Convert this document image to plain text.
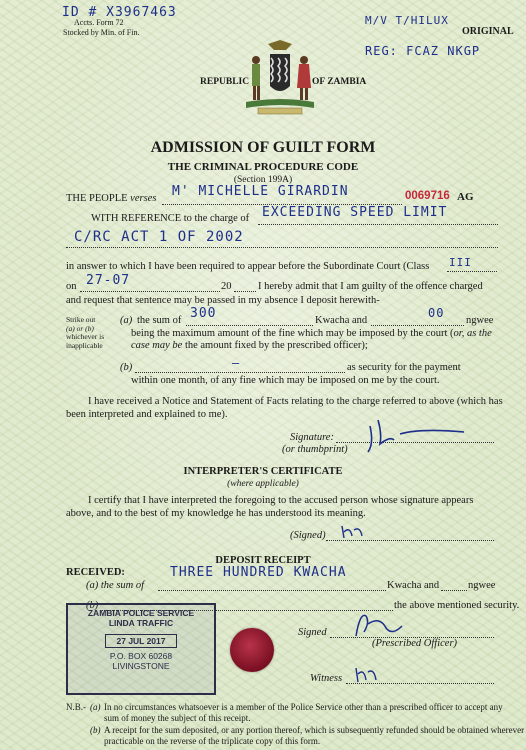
ID # X3967463
Accts. Form 72
Stocked by Min. of Fin.
M/V T/HILUX
ORIGINAL
REG: FCAZ NKGP
REPUBLIC	OF ZAMBIA
ADMISSION OF GUILT FORM
THE CRIMINAL PROCEDURE CODE
(Section 199A)
THE PEOPLE verses M' MICHELLE GIRARDIN	0069716 AG
WITH REFERENCE to the charge of EXCEEDING SPEED LIMIT
C/RC ACT 1 OF 2002
in answer to which I have been required to appear before the Subordinate Court (Class III
on 27-07	20	I hereby admit that I am guilty of the offence charged
and request that sentence may be passed in my absence I deposit herewith-
Strike out
(a) or (b)
whichever is
inapplicable
(a) the sum of 300	Kwacha and
00
ngwee
being the maximum amount of the fine which may be imposed by the court (or, as the
case may be the amount fixed by the prescribed officer);
(b)	—	as security for the payment
within one month, of any fine which may be imposed on me by the court.
I have received a Notice and Statement of Facts relating to the charge referred to above (which has
been interpreted and explained to me).
Signature:
(or thumbprint)
INTERPRETER'S CERTIFICATE
(where applicable)
I certify that I have interpreted the foregoing to the accused person whose signature appears
above, and to the best of my knowledge he has understood its meaning.
(Signed)
DEPOSIT RECEIPT
RECEIVED:
(a) the sum of
THREE HUNDRED KWACHA
Kwacha and	ngwee
(b)	the above mentioned security.
Signed
(Prescribed Officer)
Witness
ZAMBIA POLICE SERVICE
LINDA TRAFFIC
27 JUL 2017
P.O. BOX 60268
LIVINGSTONE
N.B.- (a) In no circumstances whatsoever is a member of the Police Service other than a prescribed officer to accept any
sum of money the subject of this receipt.
(b) A receipt for the sum deposited, or any portion thereof, which is subsequently refunded should be obtained wherever
practicable on the reverse of the triplicate copy of this form.
